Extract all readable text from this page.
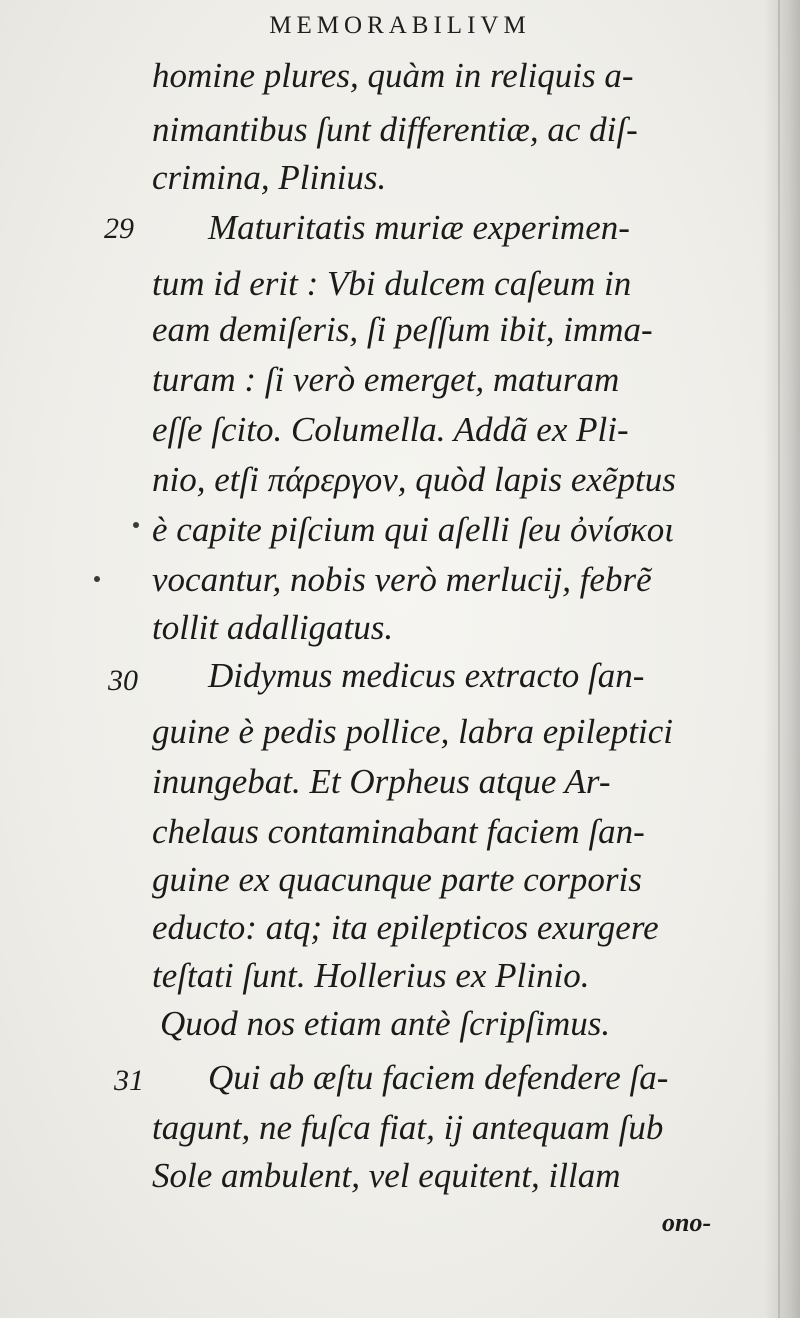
MEMORABILIVM
homine plures, quàm in reliquis a-
nimantibus ſunt differentiæ, ac diſ-
crimina, Plinius.
29 Maturitatis muriæ experimen-
tum id erit : Vbi dulcem caſeum in
eam demiſeris, ſi peſſum ibit, imma-
turam : ſi verò emerget, maturam
eſſe ſcito. Columella. Addã ex Pli-
nio, etſi πάρεργον, quòd lapis exẽptus
è capite piſcium qui aſelli ſeu ὀνίσκοι
vocantur, nobis verò merlucij, febrẽ
tollit adalligatus.
30 Didymus medicus extracto ſan-
guine è pedis pollice, labra epileptici
inungebat. Et Orpheus atque Ar-
chelaus contaminabant faciem ſan-
guine ex quacunque parte corporis
educto: atq; ita epilepticos exurgere
teſtati ſunt. Hollerius ex Plinio.
Quod nos etiam antè ſcripſimus.
31 Qui ab æſtu faciem defendere ſa-
tagunt, ne fuſca fiat, ij antequam ſub
Sole ambulent, vel equitent, illam
ono-
